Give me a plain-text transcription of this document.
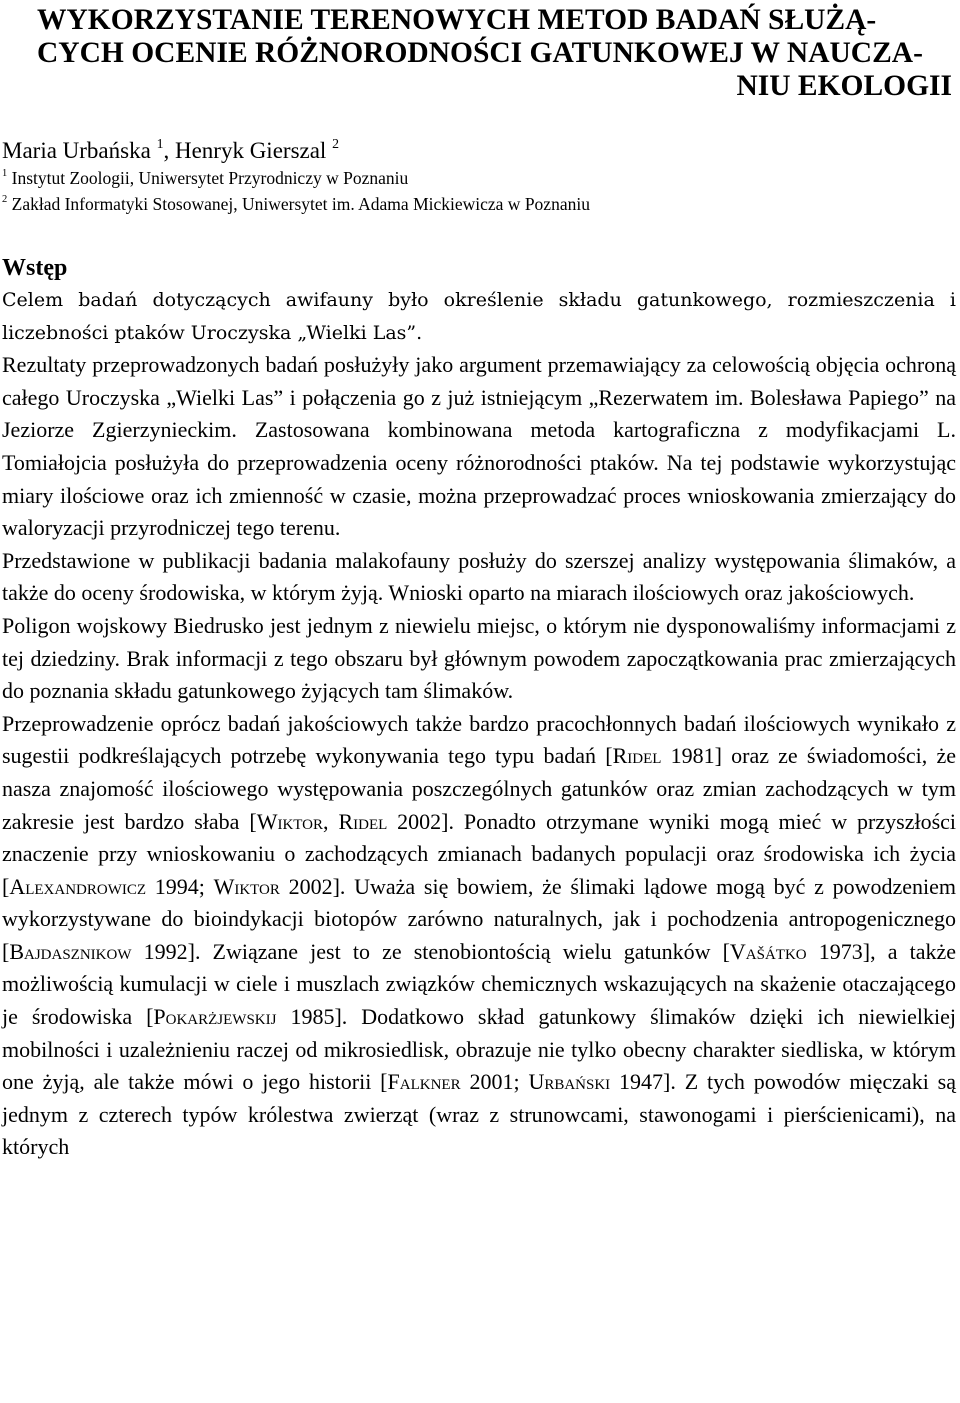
WYKORZYSTANIE TERENOWYCH METOD BADAŃ SŁUŻĄ-
CYCH OCENIE RÓŻNORODNOŚCI GATUNKOWEJ W NAUCZA-
NIU EKOLOGII
Maria Urbańska $^1$, Henryk Gierszal $^2$
$^1$ Instytut Zoologii, Uniwersytet Przyrodniczy w Poznaniu
$^2$ Zakład Informatyki Stosowanej, Uniwersytet im. Adama Mickiewicza w Poznaniu
Wstęp

Celem badań dotyczących awifauny było określenie składu gatunkowego, rozmieszczenia i liczebności ptaków Uroczyska „Wielki Las”.

Rezultaty przeprowadzonych badań posłużyły jako argument przemawiający za celowością objęcia ochroną całego Uroczyska „Wielki Las” i połączenia go z już istniejącym „Rezerwatem im. Bolesława Papiego” na Jeziorze Zgierzynieckim. Zastosowana kombinowana metoda kartograficzna z modyfikacjami L. Tomiałojcia posłużyła do przeprowadzenia oceny różnorodności ptaków. Na tej podstawie wykorzystując miary ilościowe oraz ich zmienność w czasie, można przeprowadzać proces wnioskowania zmierzający do waloryzacji przyrodniczej tego terenu.

Przedstawione w publikacji badania malakofauny posłuży do szerszej analizy występowania ślimaków, a także do oceny środowiska, w którym żyją. Wnioski oparto na miarach ilościowych oraz jakościowych.

Poligon wojskowy Biedrusko jest jednym z niewielu miejsc, o którym nie dysponowaliśmy informacjami z tej dziedziny. Brak informacji z tego obszaru był głównym powodem zapoczątkowania prac zmierzających do poznania składu gatunkowego żyjących tam ślimaków.

Przeprowadzenie oprócz badań jakościowych także bardzo pracochłonnych badań ilościowych wynikało z sugestii podkreślających potrzebę wykonywania tego typu badań [Ridel 1981] oraz ze świadomości, że nasza znajomość ilościowego występowania poszczególnych gatunków oraz zmian zachodzących w tym zakresie jest bardzo słaba [Wiktor, Ridel 2002]. Ponadto otrzymane wyniki mogą mieć w przyszłości znaczenie przy wnioskowaniu o zachodzących zmianach badanych populacji oraz środowiska ich życia [Alexandrowicz 1994; Wiktor 2002]. Uważa się bowiem, że ślimaki lądowe mogą być z powodzeniem wykorzystywane do bioindykacji biotopów zarówno naturalnych, jak i pochodzenia antropogenicznego [Bajdasznikow 1992]. Związane jest to ze stenobiontością wielu gatunków [Vašátko 1973], a także możliwością kumulacji w ciele i muszlach związków chemicznych wskazujących na skażenie otaczającego je środowiska [Pokarżjewskij 1985]. Dodatkowo skład gatunkowy ślimaków dzięki ich niewielkiej mobilności i uzależnieniu raczej od mikrosiedlisk, obrazuje nie tylko obecny charakter siedliska, w którym one żyją, ale także mówi o jego historii [Falkner 2001; Urbański 1947]. Z tych powodów mięczaki są jednym z czterech typów królestwa zwierząt (wraz z strunowcami, stawonogami i pierścienicami), na których
